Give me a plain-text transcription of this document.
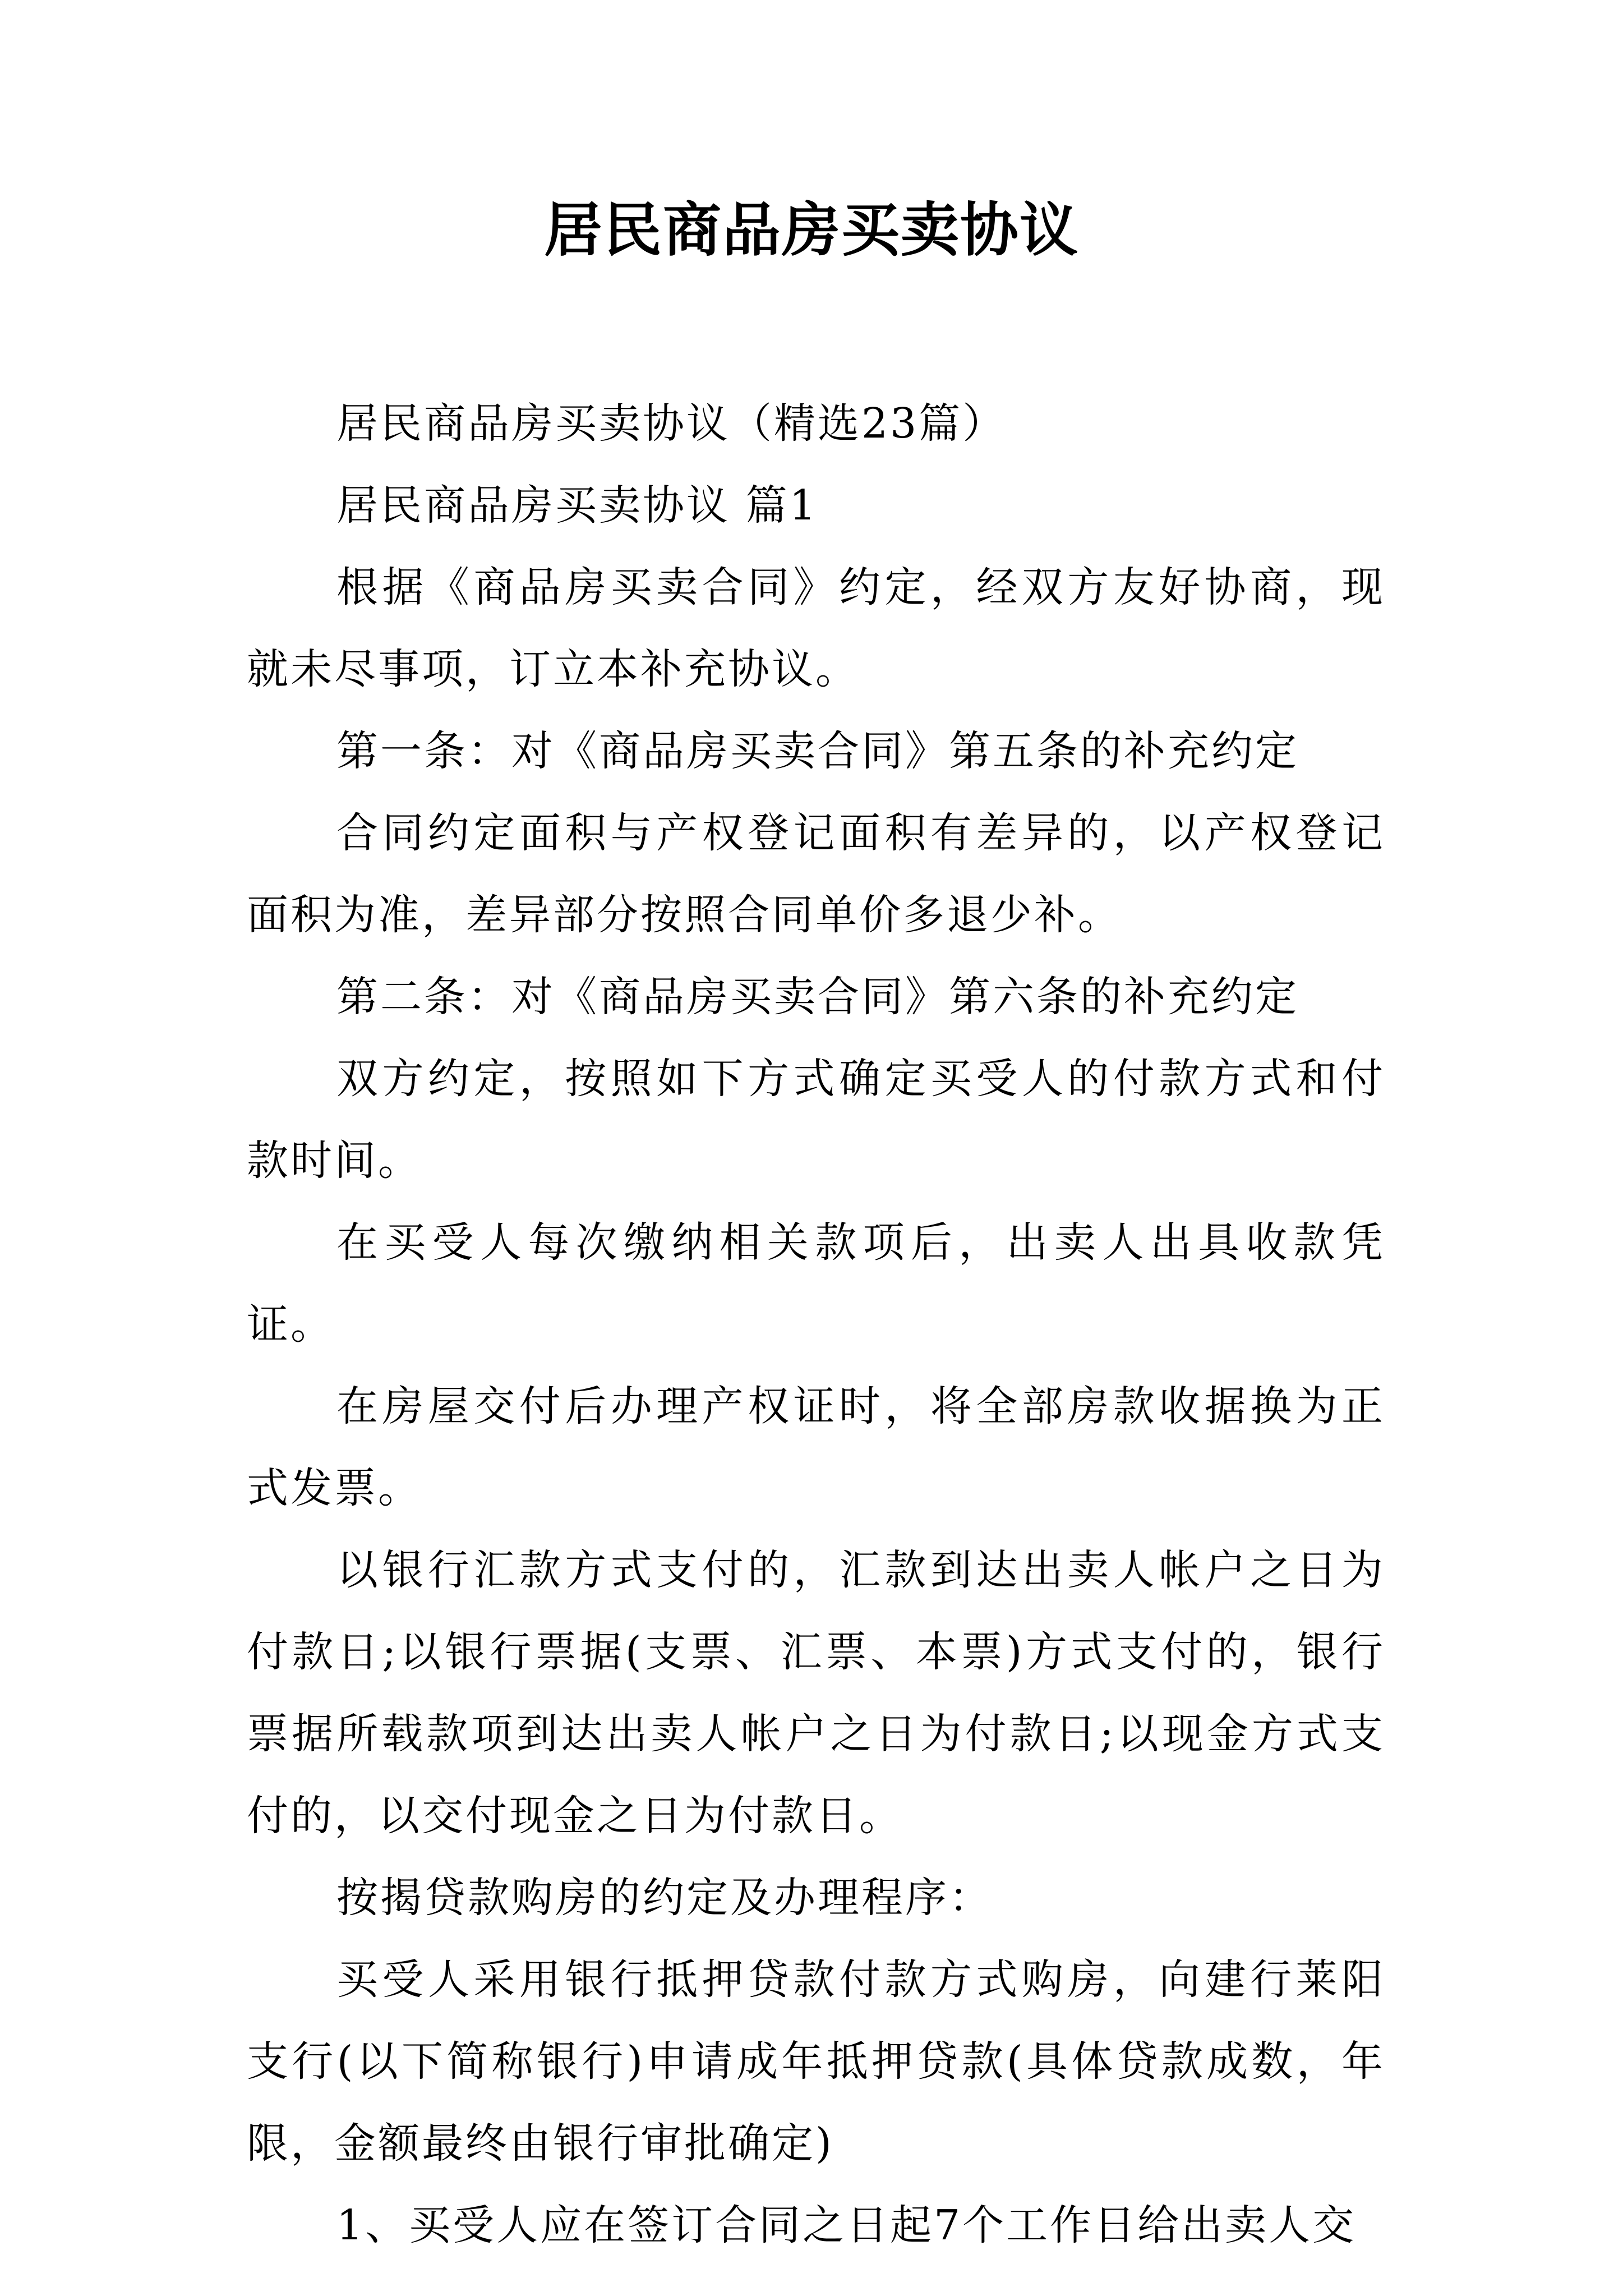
居民商品房买卖协议

居民商品房买卖协议（精选23篇）

居民商品房买卖协议 篇1

根据《商品房买卖合同》约定，经双方友好协商，现就未尽事项，订立本补充协议。

第一条：对《商品房买卖合同》第五条的补充约定

合同约定面积与产权登记面积有差异的，以产权登记面积为准，差异部分按照合同单价多退少补。

第二条：对《商品房买卖合同》第六条的补充约定

双方约定，按照如下方式确定买受人的付款方式和付款时间。

在买受人每次缴纳相关款项后，出卖人出具收款凭证。

在房屋交付后办理产权证时，将全部房款收据换为正式发票。

以银行汇款方式支付的，汇款到达出卖人帐户之日为付款日;以银行票据(支票、汇票、本票)方式支付的，银行票据所载款项到达出卖人帐户之日为付款日;以现金方式支付的，以交付现金之日为付款日。

按揭贷款购房的约定及办理程序：

买受人采用银行抵押贷款付款方式购房，向建行莱阳支行(以下简称银行)申请成年抵押贷款(具体贷款成数，年限，金额最终由银行审批确定)

1、买受人应在签订合同之日起7个工作日给出卖人交
